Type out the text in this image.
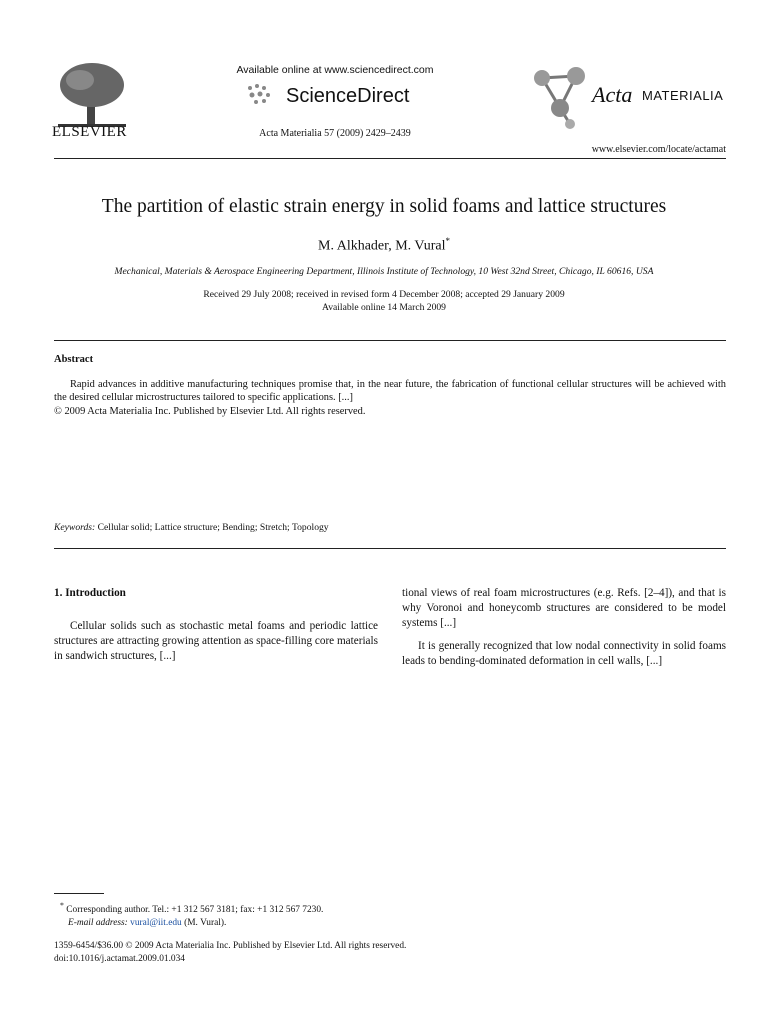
ELSEVIER
Available online at www.sciencedirect.com
ScienceDirect
Acta Materialia 57 (2009) 2429–2439
Acta MATERIALIA
www.elsevier.com/locate/actamat
The partition of elastic strain energy in solid foams and lattice structures
M. Alkhader, M. Vural*
Mechanical, Materials & Aerospace Engineering Department, Illinois Institute of Technology, 10 West 32nd Street, Chicago, IL 60616, USA
Received 29 July 2008; received in revised form 4 December 2008; accepted 29 January 2009
Available online 14 March 2009
Abstract
Rapid advances in additive manufacturing techniques promise that, in the near future, the fabrication of functional cellular structures will be achieved with the desired cellular microstructures tailored to specific applications. [...]
© 2009 Acta Materialia Inc. Published by Elsevier Ltd. All rights reserved.
Keywords: Cellular solid; Lattice structure; Bending; Stretch; Topology
1. Introduction

Cellular solids such as stochastic metal foams and periodic lattice structures are attracting growing attention as space-filling core materials in sandwich structures, [...]

tional views of real foam microstructures (e.g. Refs. [2–4]), and that is why Voronoi and honeycomb structures are considered to be model systems [...]

It is generally recognized that low nodal connectivity in solid foams leads to bending-dominated deformation in cell walls, [...]

* Corresponding author. Tel.: +1 312 567 3181; fax: +1 312 567 7230.
E-mail address: vural@iit.edu (M. Vural).
1359-6454/$36.00 © 2009 Acta Materialia Inc. Published by Elsevier Ltd. All rights reserved.
doi:10.1016/j.actamat.2009.01.034
